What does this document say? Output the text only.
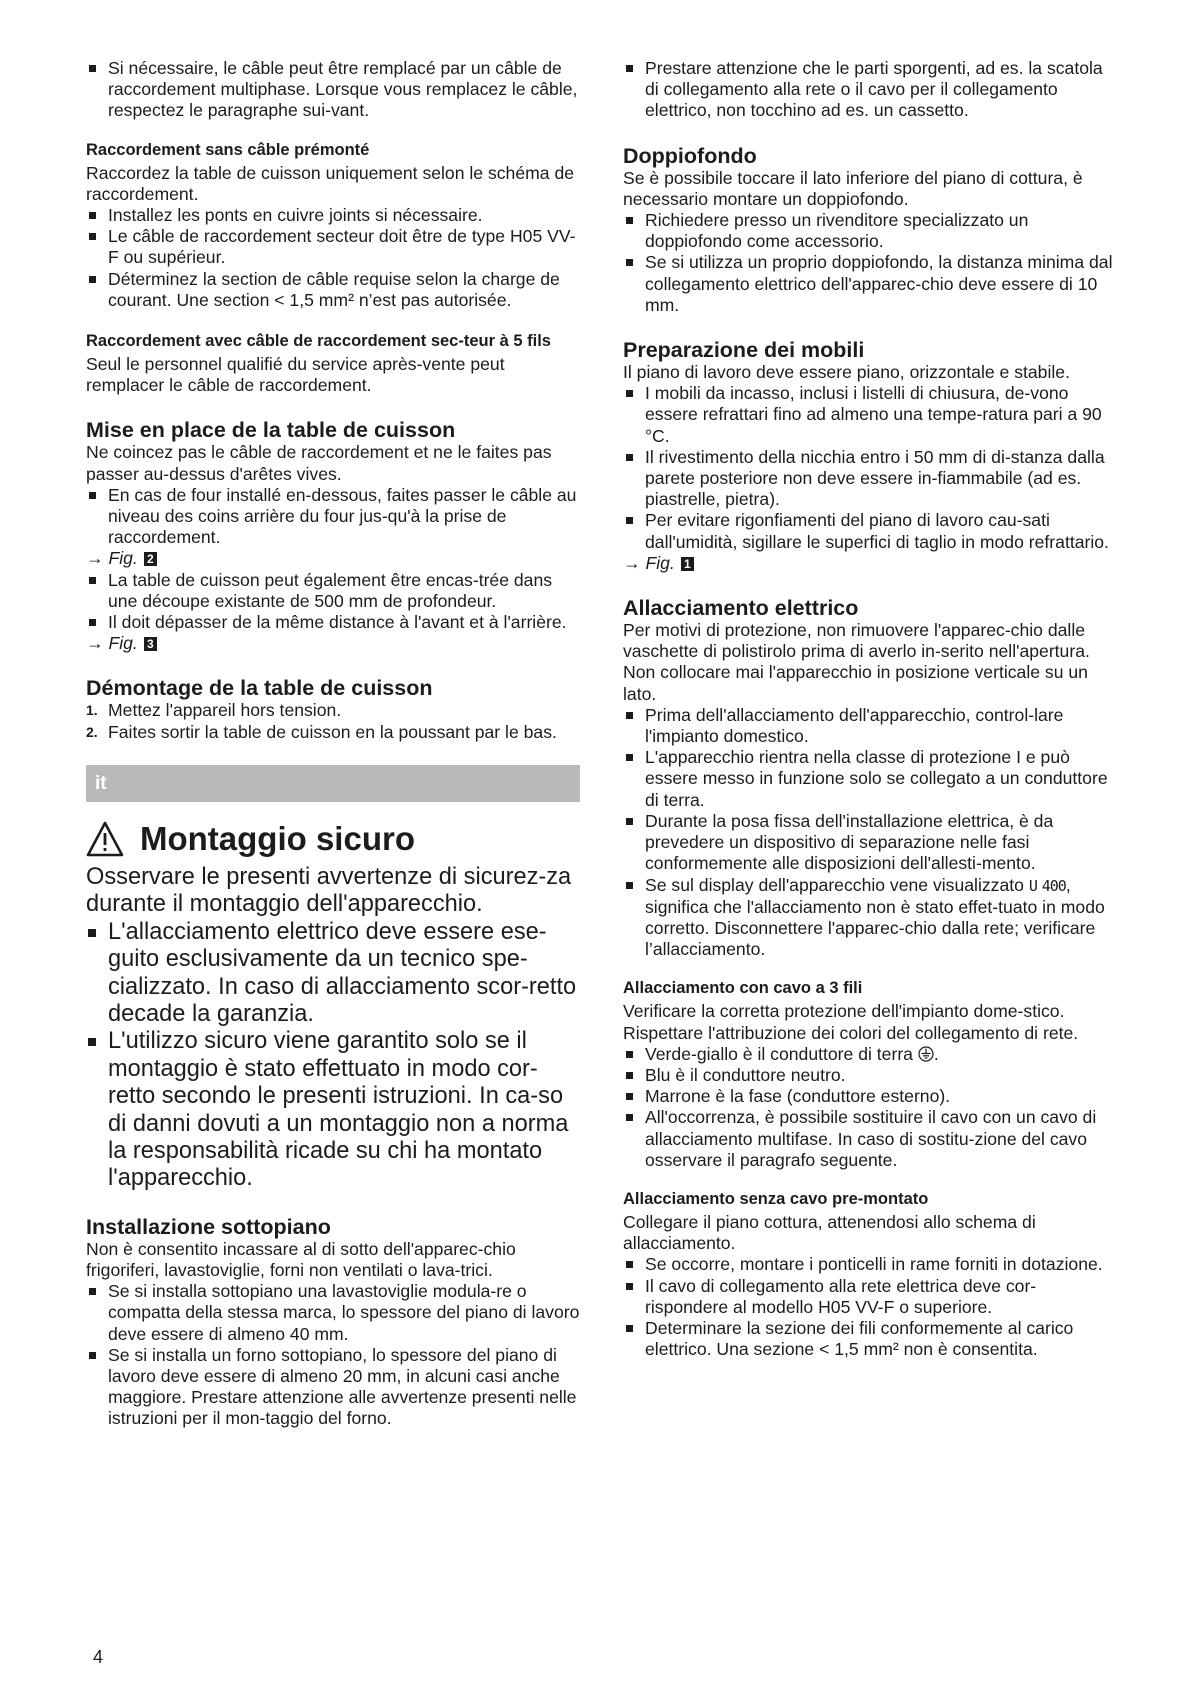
Si nécessaire, le câble peut être remplacé par un câble de raccordement multiphase. Lorsque vous remplacez le câble, respectez le paragraphe sui-vant.
Raccordement sans câble prémonté

Raccordez la table de cuisson uniquement selon le schéma de raccordement.

Installez les ponts en cuivre joints si nécessaire.
Le câble de raccordement secteur doit être de type H05 VV-F ou supérieur.
Déterminez la section de câble requise selon la charge de courant. Une section < 1,5 mm² n’est pas autorisée.
Raccordement avec câble de raccordement sec-teur à 5 fils

Seul le personnel qualifié du service après-vente peut remplacer le câble de raccordement.

Mise en place de la table de cuisson

Ne coincez pas le câble de raccordement et ne le faites pas passer au-dessus d'arêtes vives.

En cas de four installé en-dessous, faites passer le câble au niveau des coins arrière du four jus-qu'à la prise de raccordement.
→ Fig. 2
La table de cuisson peut également être encas-trée dans une découpe existante de 500 mm de profondeur.
Il doit dépasser de la même distance à l'avant et à l'arrière.
→ Fig. 3
Démontage de la table de cuisson
1. Mettez l'appareil hors tension.
2. Faites sortir la table de cuisson en la poussant par le bas.
it
Montaggio sicuro

Osservare le presenti avvertenze di sicurez-za durante il montaggio dell'apparecchio.

L'allacciamento elettrico deve essere ese-guito esclusivamente da un tecnico spe-cializzato. In caso di allacciamento scor-retto decade la garanzia.
L'utilizzo sicuro viene garantito solo se il montaggio è stato effettuato in modo cor-retto secondo le presenti istruzioni. In ca-so di danni dovuti a un montaggio non a norma la responsabilità ricade su chi ha montato l'apparecchio.
Installazione sottopiano

Non è consentito incassare al di sotto dell'apparec-chio frigoriferi, lavastoviglie, forni non ventilati o lava-trici.

Se si installa sottopiano una lavastoviglie modula-re o compatta della stessa marca, lo spessore del piano di lavoro deve essere di almeno 40 mm.
Se si installa un forno sottopiano, lo spessore del piano di lavoro deve essere di almeno 20 mm, in alcuni casi anche maggiore. Prestare attenzione alle avvertenze presenti nelle istruzioni per il mon-taggio del forno.
Prestare attenzione che le parti sporgenti, ad es. la scatola di collegamento alla rete o il cavo per il collegamento elettrico, non tocchino ad es. un cassetto.
Doppiofondo

Se è possibile toccare il lato inferiore del piano di cottura, è necessario montare un doppiofondo.

Richiedere presso un rivenditore specializzato un doppiofondo come accessorio.
Se si utilizza un proprio doppiofondo, la distanza minima dal collegamento elettrico dell'apparec-chio deve essere di 10 mm.
Preparazione dei mobili

Il piano di lavoro deve essere piano, orizzontale e stabile.

I mobili da incasso, inclusi i listelli di chiusura, de-vono essere refrattari fino ad almeno una tempe-ratura pari a 90 °C.
Il rivestimento della nicchia entro i 50 mm di di-stanza dalla parete posteriore non deve essere in-fiammabile (ad es. piastrelle, pietra).
Per evitare rigonfiamenti del piano di lavoro cau-sati dall'umidità, sigillare le superfici di taglio in modo refrattario.
→ Fig. 1
Allacciamento elettrico

Per motivi di protezione, non rimuovere l'apparec-chio dalle vaschette di polistirolo prima di averlo in-serito nell'apertura. Non collocare mai l'apparecchio in posizione verticale su un lato.

Prima dell'allacciamento dell'apparecchio, control-lare l'impianto domestico.
L'apparecchio rientra nella classe di protezione I e può essere messo in funzione solo se collegato a un conduttore di terra.
Durante la posa fissa dell'installazione elettrica, è da prevedere un dispositivo di separazione nelle fasi conformemente alle disposizioni dell'allesti-mento.
Se sul display dell'apparecchio vene visualizzato U 400, significa che l'allacciamento non è stato effet-tuato in modo corretto. Disconnettere l'apparec-chio dalla rete; verificare l’allacciamento.
Allacciamento con cavo a 3 fili

Verificare la corretta protezione dell'impianto dome-stico.

Rispettare l'attribuzione dei colori del collegamento di rete.

Verde-giallo è il conduttore di terra .
Blu è il conduttore neutro.
Marrone è la fase (conduttore esterno).
All'occorrenza, è possibile sostituire il cavo con un cavo di allacciamento multifase. In caso di sostitu-zione del cavo osservare il paragrafo seguente.
Allacciamento senza cavo pre-montato

Collegare il piano cottura, attenendosi allo schema di allacciamento.

Se occorre, montare i ponticelli in rame forniti in dotazione.
Il cavo di collegamento alla rete elettrica deve cor-rispondere al modello H05 VV-F o superiore.
Determinare la sezione dei fili conformemente al carico elettrico. Una sezione < 1,5 mm² non è consentita.
4
